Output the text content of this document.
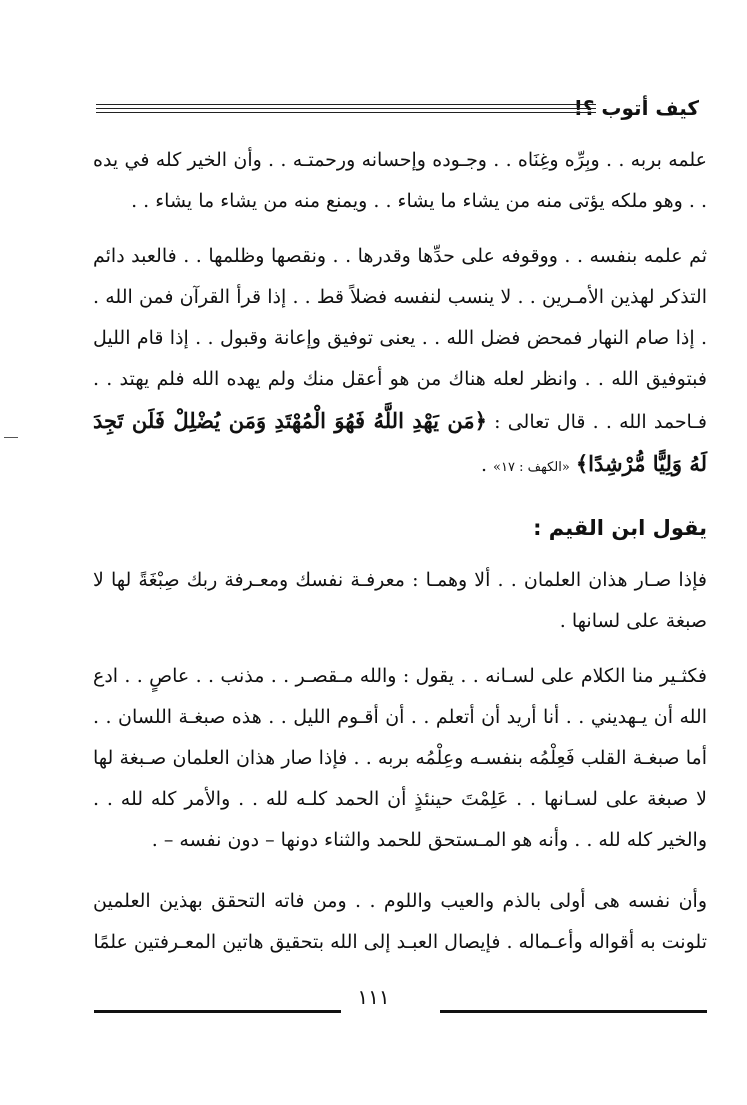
كيف أتوب ؟!

علمه بربه . . وبِرِّه وغِنَاه . . وجـوده وإحسانه ورحمتـه . . وأن الخير كله في يده . . وهو ملكه يؤتى منه من يشاء ما يشاء . . ويمنع منه من يشاء ما يشاء . .

ثم علمه بنفسه . . ووقوفه على حدِّها وقدرها . . ونقصها وظلمها . . فالعبد دائم التذكر لهذين الأمـرين . . لا ينسب لنفسه فضلاً قط . . إذا قرأ القرآن فمن الله . . إذا صام النهار فمحض فضل الله . . يعنى توفيق وإعانة وقبول . . إذا قام الليل فبتوفيق الله . . وانظر لعله هناك من هو أعقل منك ولم يهده الله فلم يهتد . . فـاحمد الله . . قال تعالى : ﴿مَن يَهْدِ اللَّهُ فَهُوَ الْمُهْتَدِ وَمَن يُضْلِلْ فَلَن تَجِدَ لَهُ وَلِيًّا مُّرْشِدًا﴾ «الكهف : ١٧» .

يقول ابن القيم :

فإذا صـار هذان العلمان . . ألا وهمـا : معرفـة نفسك ومعـرفة ربك صِبْغَةً لها لا صبغة على لسانها .

فكثـير منا الكلام على لسـانه . . يقول : والله مـقصـر . . مذنب . . عاصٍ . . ادع الله أن يـهديني . . أنا أريد أن أتعلم . . أن أقـوم الليل . . هذه صبغـة اللسان . . أما صبغـة القلب فَعِلْمُه بنفسـه وعِلْمُه بربه . . فإذا صار هذان العلمان صـبغة لها لا صبغة على لسـانها . . عَلِمْتَ حينئذٍ أن الحمد كلـه لله . . والأمر كله لله . . والخير كله لله . . وأنه هو المـستحق للحمد والثناء دونها – دون نفسه – .

وأن نفسه هى أولى بالذم والعيب واللوم . . ومن فاته التحقق بهذين العلمين تلونت به أقواله وأعـماله . فإيصال العبـد إلى الله بتحقيق هاتين المعـرفتين علمًا

١١١
